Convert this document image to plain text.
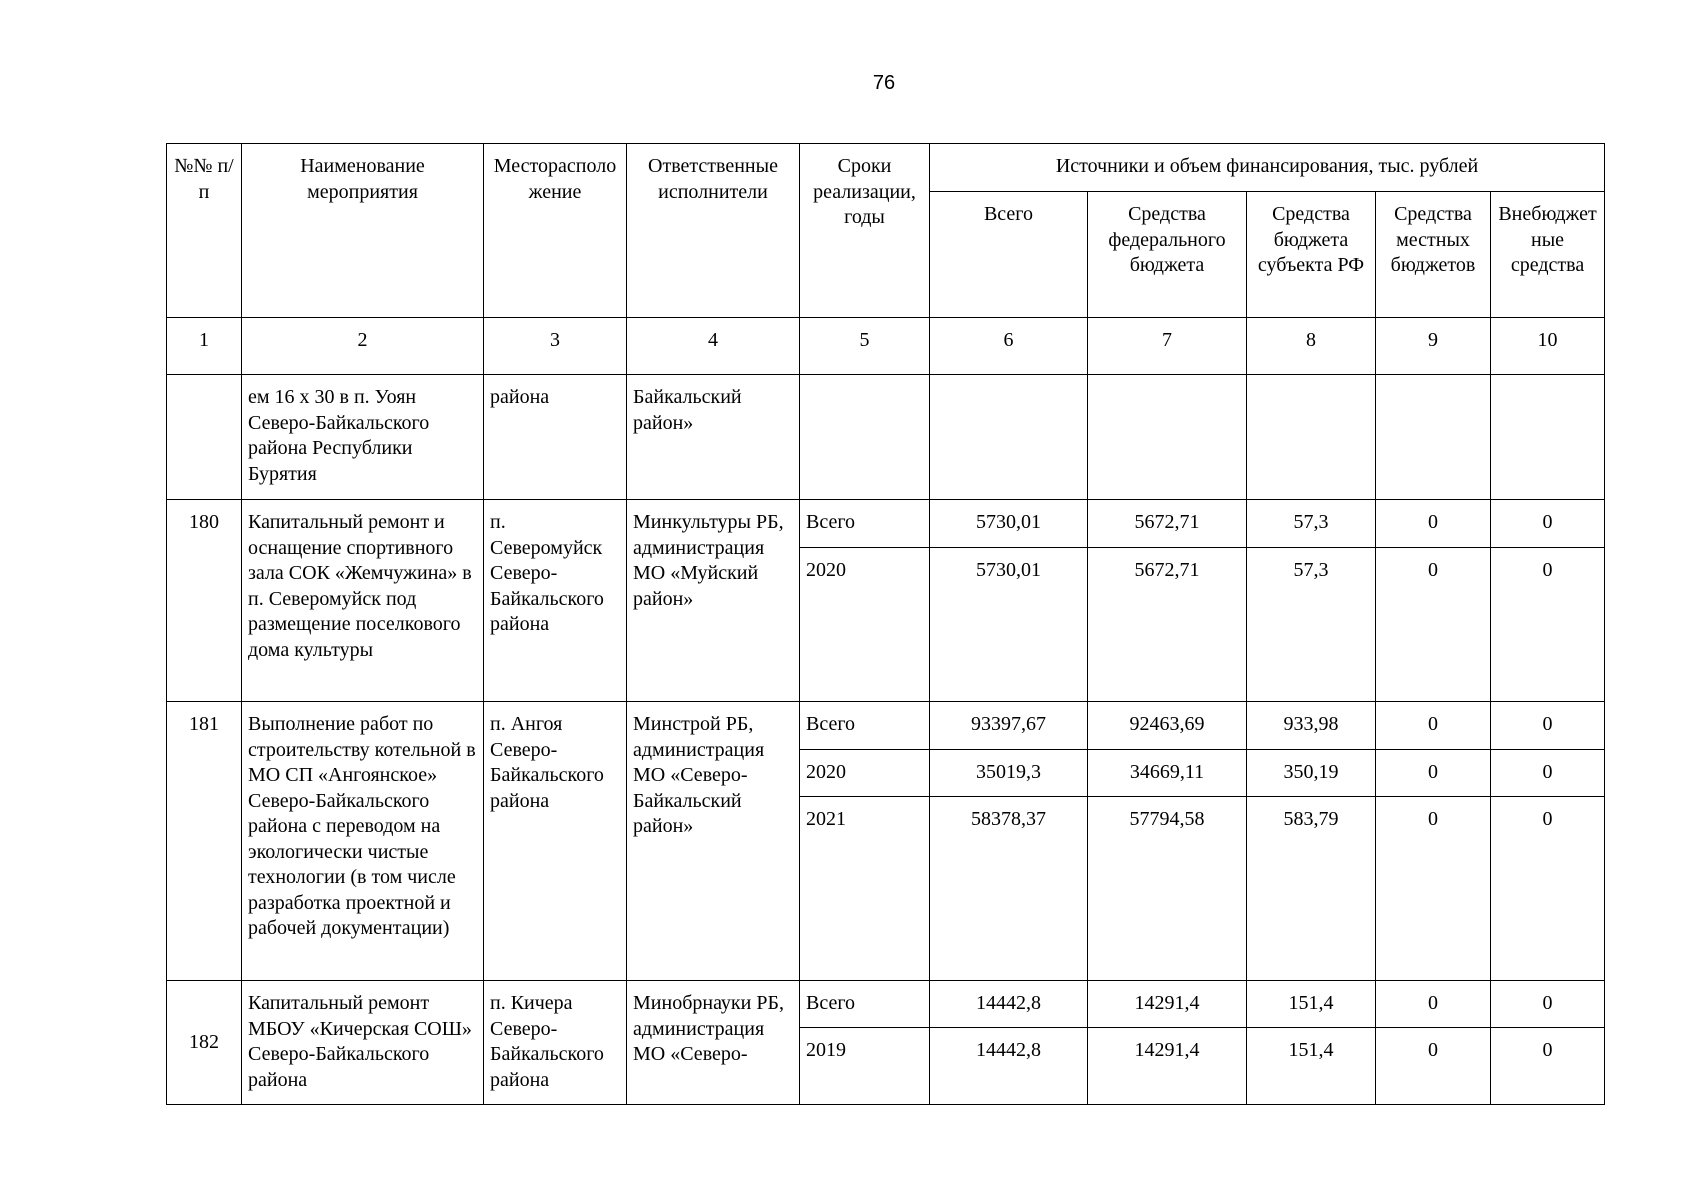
76
№№ п/п	Наименование мероприятия	Месторасположение	Ответственные исполнители	Сроки реализации, годы	Источники и объем финансирования, тыс. рублей				
					Всего	Средства федерального бюджета	Средства бюджета субъекта РФ	Средства местных бюджетов	Внебюджетные средства
1	2	3	4	5	6	7	8	9	10
	ем 16 х 30 в п. Уоян Северо-Байкальского района Республики Бурятия	района	Байкальский район»						
180	Капитальный ремонт и оснащение спортивного зала СОК «Жемчужина» в п. Северомуйск под размещение поселкового дома культуры	п. Северомуйск Северо-Байкальского района	Минкультуры РБ, администрация МО «Муйский район»	Всего	5730,01	5672,71	57,3	0	0
				2020	5730,01	5672,71	57,3	0	0
181	Выполнение работ по строительству котельной в МО СП «Ангоянское» Северо-Байкальского района с переводом на экологически чистые технологии (в том числе разработка проектной и рабочей документации)	п. Ангоя Северо-Байкальского района	Минстрой РБ, администрация МО «Северо-Байкальский район»	Всего	93397,67	92463,69	933,98	0	0
				2020	35019,3	34669,11	350,19	0	0
				2021	58378,37	57794,58	583,79	0	0
182	Капитальный ремонт МБОУ «Кичерская СОШ» Северо-Байкальского района	п. Кичера Северо-Байкальского района	Минобрнауки РБ, администрация МО «Северо-	Всего	14442,8	14291,4	151,4	0	0
				2019	14442,8	14291,4	151,4	0	0
